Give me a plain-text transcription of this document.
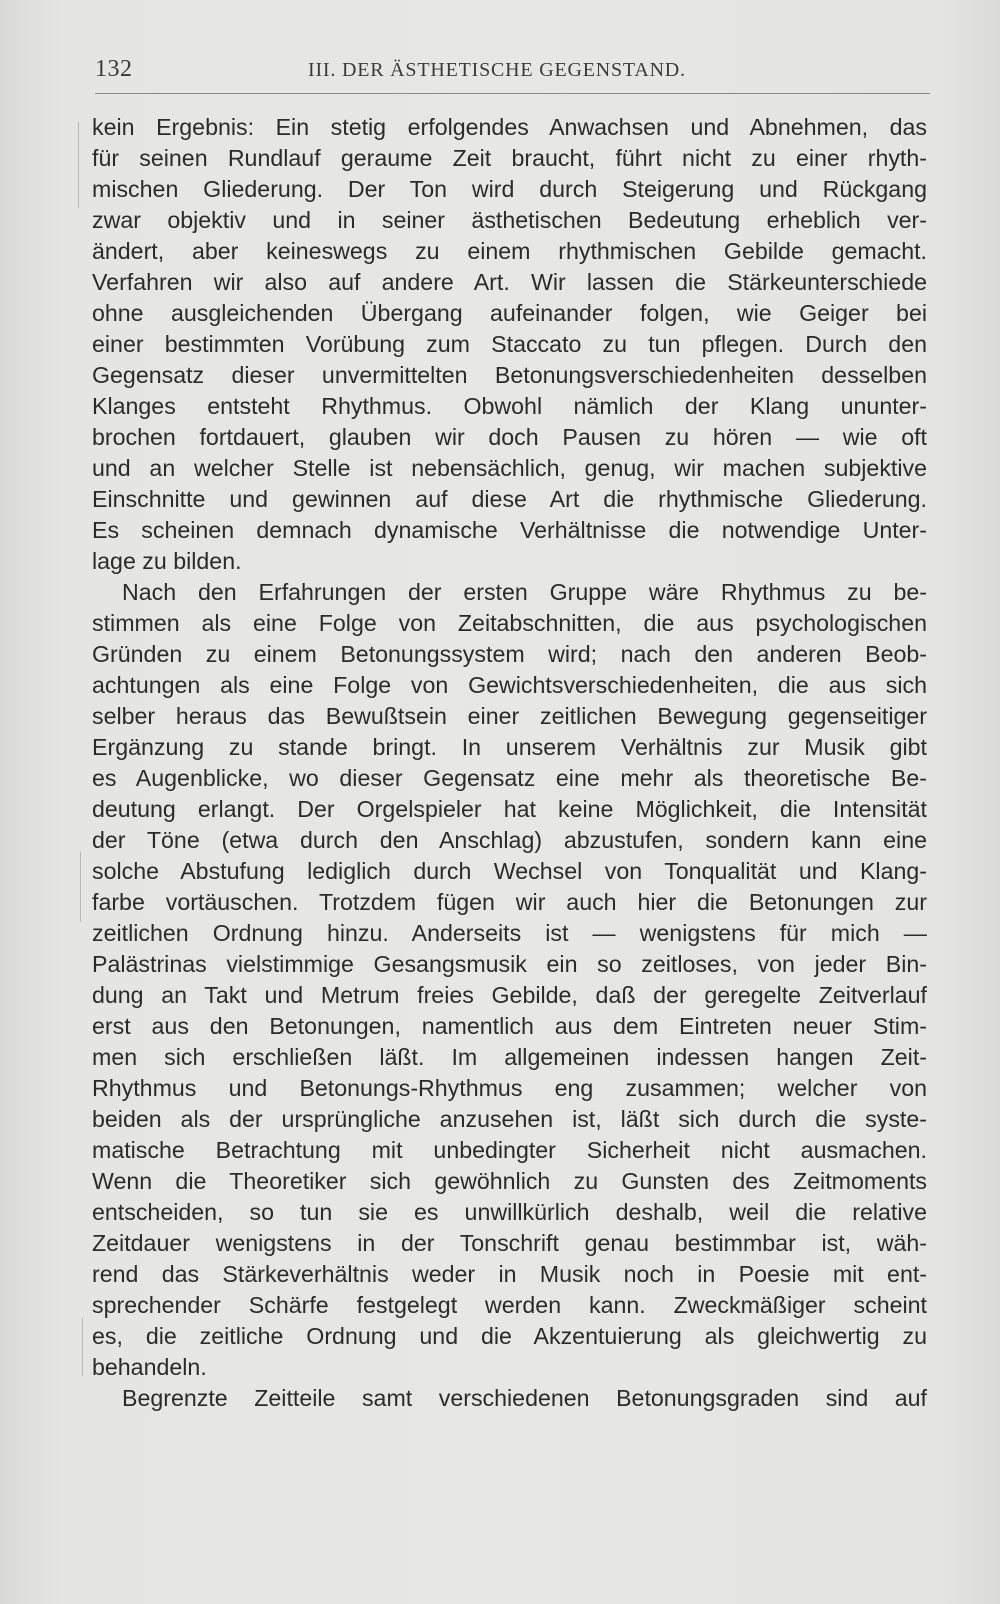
132	III. DER ÄSTHETISCHE GEGENSTAND.
kein Ergebnis: Ein stetig erfolgendes Anwachsen und Abnehmen, das
für seinen Rundlauf geraume Zeit braucht, führt nicht zu einer rhyth-
mischen Gliederung. Der Ton wird durch Steigerung und Rückgang
zwar objektiv und in seiner ästhetischen Bedeutung erheblich ver-
ändert, aber keineswegs zu einem rhythmischen Gebilde gemacht.
Verfahren wir also auf andere Art. Wir lassen die Stärkeunterschiede
ohne ausgleichenden Übergang aufeinander folgen, wie Geiger bei
einer bestimmten Vorübung zum Staccato zu tun pflegen. Durch den
Gegensatz dieser unvermittelten Betonungsverschiedenheiten desselben
Klanges entsteht Rhythmus. Obwohl nämlich der Klang ununter-
brochen fortdauert, glauben wir doch Pausen zu hören — wie oft
und an welcher Stelle ist nebensächlich, genug, wir machen subjektive
Einschnitte und gewinnen auf diese Art die rhythmische Gliederung.
Es scheinen demnach dynamische Verhältnisse die notwendige Unter-
lage zu bilden.
Nach den Erfahrungen der ersten Gruppe wäre Rhythmus zu be-
stimmen als eine Folge von Zeitabschnitten, die aus psychologischen
Gründen zu einem Betonungssystem wird; nach den anderen Beob-
achtungen als eine Folge von Gewichtsverschiedenheiten, die aus sich
selber heraus das Bewußtsein einer zeitlichen Bewegung gegenseitiger
Ergänzung zu stande bringt. In unserem Verhältnis zur Musik gibt
es Augenblicke, wo dieser Gegensatz eine mehr als theoretische Be-
deutung erlangt. Der Orgelspieler hat keine Möglichkeit, die Intensität
der Töne (etwa durch den Anschlag) abzustufen, sondern kann eine
solche Abstufung lediglich durch Wechsel von Tonqualität und Klang-
farbe vortäuschen. Trotzdem fügen wir auch hier die Betonungen zur
zeitlichen Ordnung hinzu. Anderseits ist — wenigstens für mich —
Palästrinas vielstimmige Gesangsmusik ein so zeitloses, von jeder Bin-
dung an Takt und Metrum freies Gebilde, daß der geregelte Zeitverlauf
erst aus den Betonungen, namentlich aus dem Eintreten neuer Stim-
men sich erschließen läßt. Im allgemeinen indessen hangen Zeit-
Rhythmus und Betonungs-Rhythmus eng zusammen; welcher von
beiden als der ursprüngliche anzusehen ist, läßt sich durch die syste-
matische Betrachtung mit unbedingter Sicherheit nicht ausmachen.
Wenn die Theoretiker sich gewöhnlich zu Gunsten des Zeitmoments
entscheiden, so tun sie es unwillkürlich deshalb, weil die relative
Zeitdauer wenigstens in der Tonschrift genau bestimmbar ist, wäh-
rend das Stärkeverhältnis weder in Musik noch in Poesie mit ent-
sprechender Schärfe festgelegt werden kann. Zweckmäßiger scheint
es, die zeitliche Ordnung und die Akzentuierung als gleichwertig zu
behandeln.
Begrenzte Zeitteile samt verschiedenen Betonungsgraden sind auf
